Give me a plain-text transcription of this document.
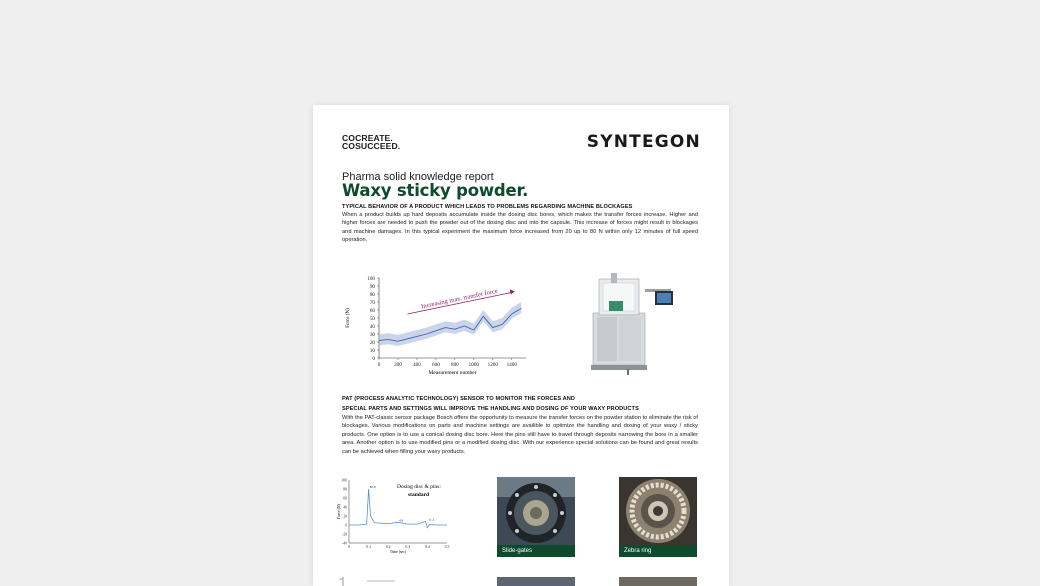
COCREATE.
COSUCCEED.	SYNTEGON
Pharma solid knowledge report
Waxy sticky powder.
TYPICAL BEHAVIOR OF A PRODUCT WHICH LEADS TO PROBLEMS REGARDING MACHINE BLOCKAGES
When a product builds up hard deposits accumulate inside the dosing disc bores, which makes the transfer forces increase. Higher and higher forces are needed to push the powder out of the dosing disc and into the capsule. This increase of forces might result in blockages and machine damages. In this typical experiment the maximum force increased from 20 up to 80 N within only 12 minutes of full speed operation.
0
10
20
30
40
50
60
70
80
90
100
0	200 400 600 800 1000 1200 1400
Increasing max. transfer force
Force (N)
Measurement number
PAT (PROCESS ANALYTIC TECHNOLOGY) SENSOR TO MONITOR THE FORCES AND
SPECIAL PARTS AND SETTINGS WILL IMPROVE THE HANDLING AND DOSING OF YOUR WAXY PRODUCTS
With the PAT-classic sensor package Bosch offers the opportunity to measure the transfer forces on the powder station to eliminate the risk of blockages. Various modifications on parts and machine settings are availible to optimize the handling and dosing of your waxy / sticky products. One option is to use a conical dosing disc bore. Here the pins still have to travel through deposits narrowing the bore in a smaller area. Another option is to use modified pins or a modified dosing disc. With our experience special solutions can be found and great results can be achieved when filling your waxy products.
100
80
60
40
20
0
-20
-40
0	0.1	0.2	0.3	0.4	0.5
80.9
4.9	11.2
Dosing disc & pins:
standard
Force (N)
Time (sec)	Slide-gates	Zebra ring
